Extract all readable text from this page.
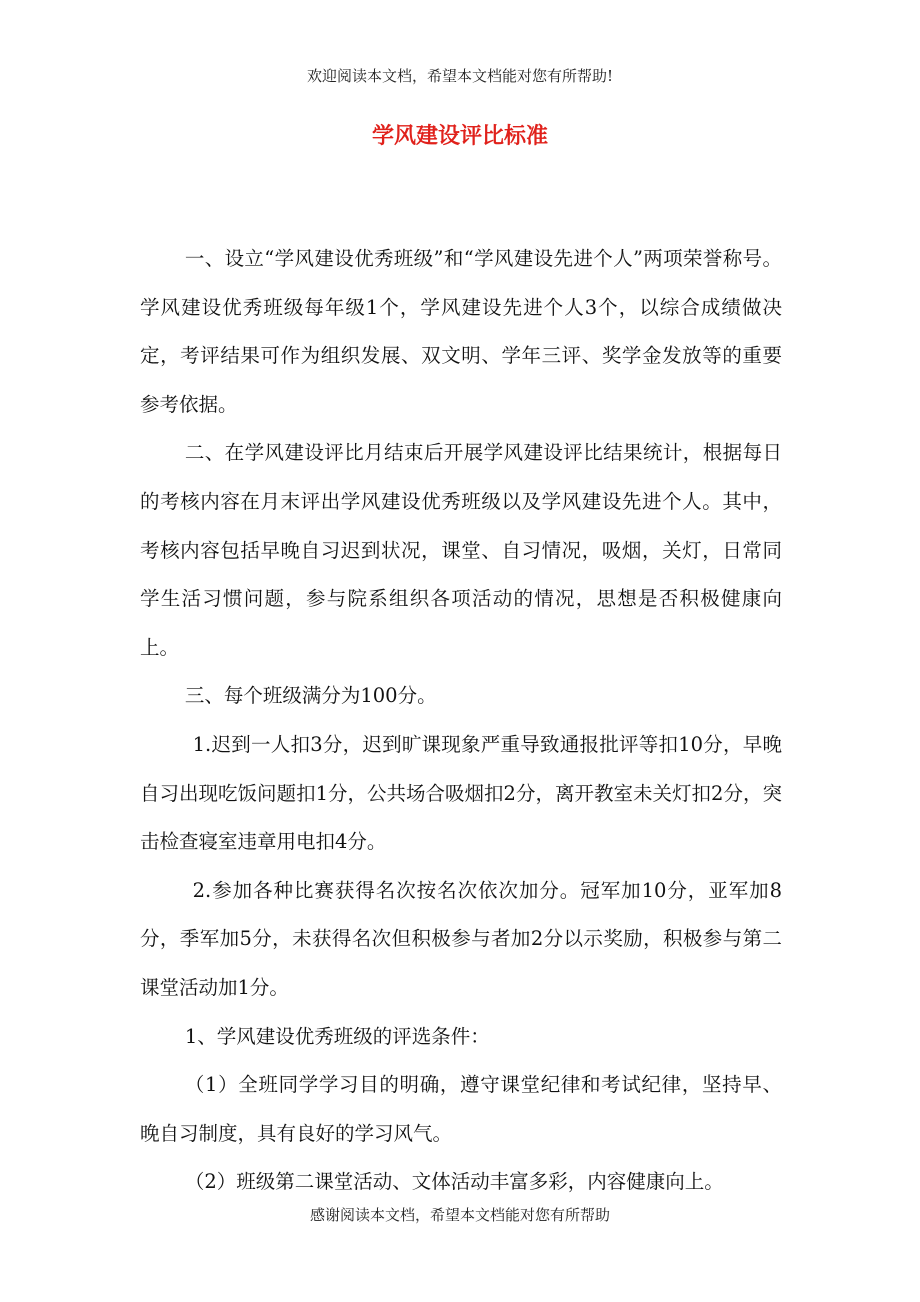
欢迎阅读本文档，希望本文档能对您有所帮助!
学风建设评比标准

一、设立“学风建设优秀班级”和“学风建设先进个人”两项荣誉称号。学风建设优秀班级每年级1个，学风建设先进个人3个，以综合成绩做决定，考评结果可作为组织发展、双文明、学年三评、奖学金发放等的重要参考依据。

二、在学风建设评比月结束后开展学风建设评比结果统计，根据每日的考核内容在月末评出学风建设优秀班级以及学风建设先进个人。其中，考核内容包括早晚自习迟到状况，课堂、自习情况，吸烟，关灯，日常同学生活习惯问题，参与院系组织各项活动的情况，思想是否积极健康向上。

三、每个班级满分为100分。

1.迟到一人扣3分，迟到旷课现象严重导致通报批评等扣10分，早晚自习出现吃饭问题扣1分，公共场合吸烟扣2分，离开教室未关灯扣2分，突击检查寝室违章用电扣4分。

2.参加各种比赛获得名次按名次依次加分。冠军加10分，亚军加8分，季军加5分，未获得名次但积极参与者加2分以示奖励，积极参与第二课堂活动加1分。

1、学风建设优秀班级的评选条件：

（1）全班同学学习目的明确，遵守课堂纪律和考试纪律，坚持早、晚自习制度，具有良好的学习风气。

（2）班级第二课堂活动、文体活动丰富多彩，内容健康向上。

感谢阅读本文档，希望本文档能对您有所帮助
